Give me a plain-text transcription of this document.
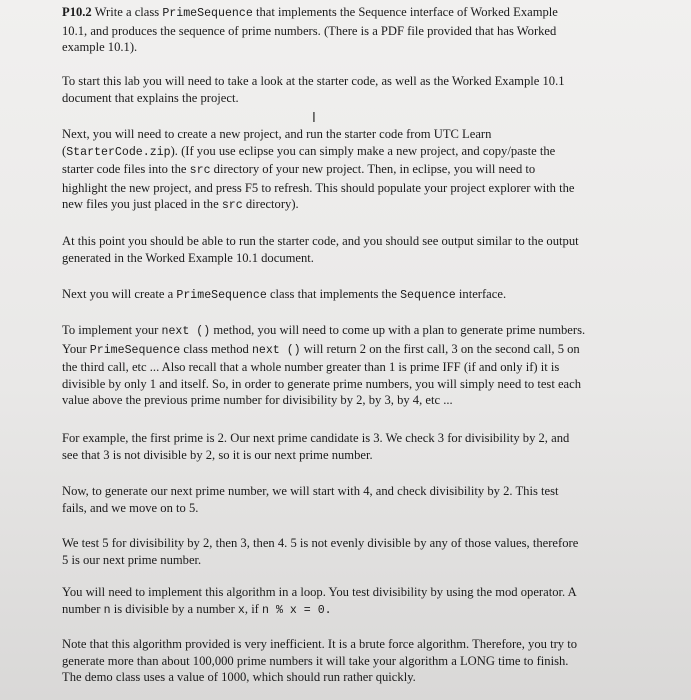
P10.2 Write a class PrimeSequence that implements the Sequence interface of Worked Example
10.1, and produces the sequence of prime numbers. (There is a PDF file provided that has Worked
example 10.1).
To start this lab you will need to take a look at the starter code, as well as the Worked Example 10.1
document that explains the project.
I
Next, you will need to create a new project, and run the starter code from UTC Learn
(StarterCode.zip). (If you use eclipse you can simply make a new project, and copy/paste the
starter code files into the src directory of your new project. Then, in eclipse, you will need to
highlight the new project, and press F5 to refresh. This should populate your project explorer with the
new files you just placed in the src directory).
At this point you should be able to run the starter code, and you should see output similar to the output
generated in the Worked Example 10.1 document.
Next you will create a PrimeSequence class that implements the Sequence interface.
To implement your next () method, you will need to come up with a plan to generate prime numbers.
Your PrimeSequence class method next () will return 2 on the first call, 3 on the second call, 5 on
the third call, etc ... Also recall that a whole number greater than 1 is prime IFF (if and only if) it is
divisible by only 1 and itself. So, in order to generate prime numbers, you will simply need to test each
value above the previous prime number for divisibility by 2, by 3, by 4, etc ...
For example, the first prime is 2. Our next prime candidate is 3. We check 3 for divisibility by 2, and
see that 3 is not divisible by 2, so it is our next prime number.
Now, to generate our next prime number, we will start with 4, and check divisibility by 2. This test
fails, and we move on to 5.
We test 5 for divisibility by 2, then 3, then 4. 5 is not evenly divisible by any of those values, therefore
5 is our next prime number.
You will need to implement this algorithm in a loop. You test divisibility by using the mod operator. A
number n is divisible by a number x, if n % x = 0.
Note that this algorithm provided is very inefficient. It is a brute force algorithm. Therefore, you try to
generate more than about 100,000 prime numbers it will take your algorithm a LONG time to finish.
The demo class uses a value of 1000, which should run rather quickly.
